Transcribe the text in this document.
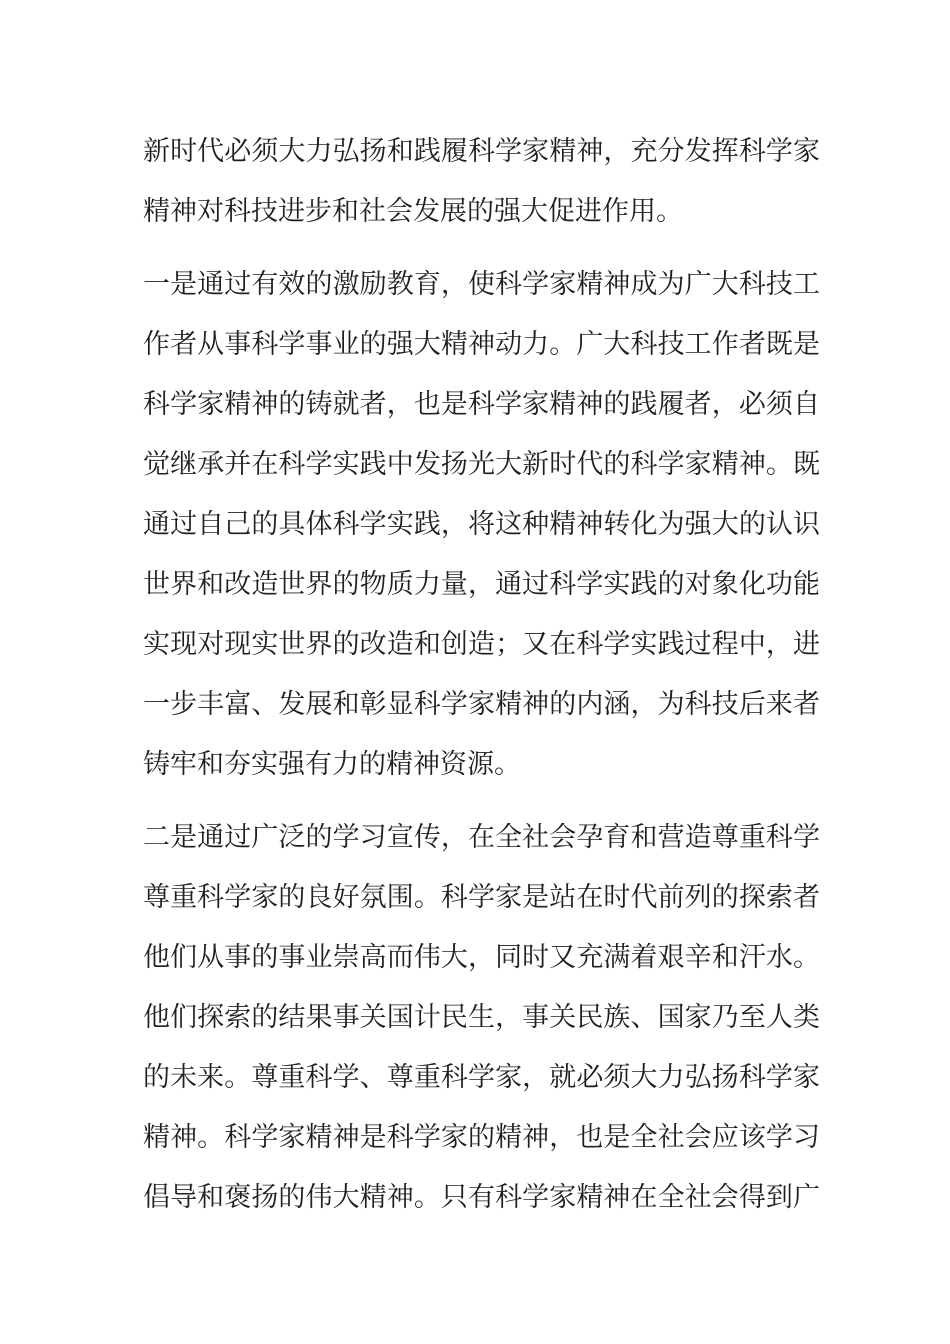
新时代必须大力弘扬和践履科学家精神，充分发挥科学家
精神对科技进步和社会发展的强大促进作用。
一是通过有效的激励教育，使科学家精神成为广大科技工
作者从事科学事业的强大精神动力。广大科技工作者既是
科学家精神的铸就者，也是科学家精神的践履者，必须自
觉继承并在科学实践中发扬光大新时代的科学家精神。既
通过自己的具体科学实践，将这种精神转化为强大的认识
世界和改造世界的物质力量，通过科学实践的对象化功能
实现对现实世界的改造和创造；又在科学实践过程中，进
一步丰富、发展和彰显科学家精神的内涵，为科技后来者
铸牢和夯实强有力的精神资源。
二是通过广泛的学习宣传，在全社会孕育和营造尊重科学
尊重科学家的良好氛围。科学家是站在时代前列的探索者
他们从事的事业崇高而伟大，同时又充满着艰辛和汗水。
他们探索的结果事关国计民生，事关民族、国家乃至人类
的未来。尊重科学、尊重科学家，就必须大力弘扬科学家
精神。科学家精神是科学家的精神，也是全社会应该学习
倡导和褒扬的伟大精神。只有科学家精神在全社会得到广
